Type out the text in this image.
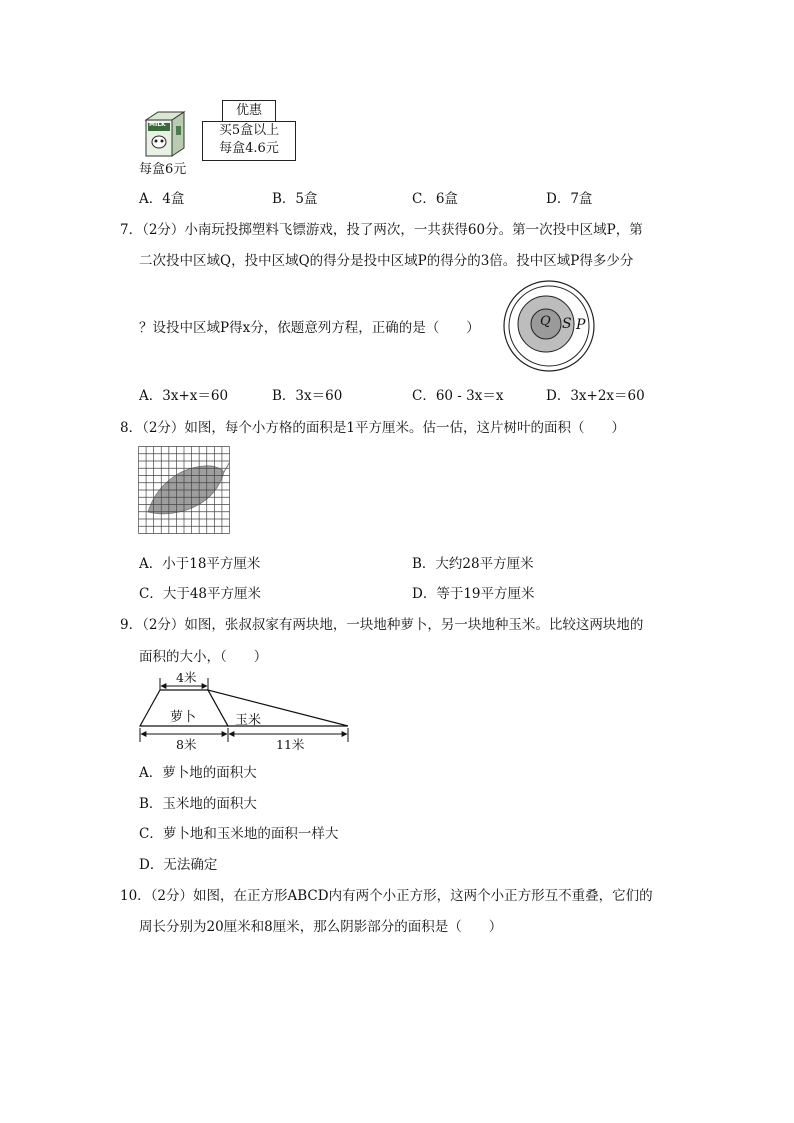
MILK
每盒6元
优惠
买5盒以上
每盒4.6元
A．4盒	B．5盒	C．6盒	D．7盒
7．（2分）小南玩投掷塑料飞镖游戏，投了两次，一共获得60分。第一次投中区域P，第
二次投中区域Q，投中区域Q的得分是投中区域P的得分的3倍。投中区域P得多少分
？设投中区域P得x分，依题意列方程，正确的是（　　）	Q S P
A．3x+x＝60	B．3x＝60	C．60 - 3x＝x	D．3x+2x＝60
8．（2分）如图，每个小方格的面积是1平方厘米。估一估，这片树叶的面积（　　）
A．小于18平方厘米	B．大约28平方厘米
C．大于48平方厘米	D．等于19平方厘米
9．（2分）如图，张叔叔家有两块地，一块地种萝卜，另一块地种玉米。比较这两块地的
面积的大小，（　　）
4米
萝卜	玉米
8米	11米
A．萝卜地的面积大
B．玉米地的面积大
C．萝卜地和玉米地的面积一样大
D．无法确定
10．（2分）如图，在正方形ABCD内有两个小正方形，这两个小正方形互不重叠，它们的
周长分别为20厘米和8厘米，那么阴影部分的面积是（　　）
